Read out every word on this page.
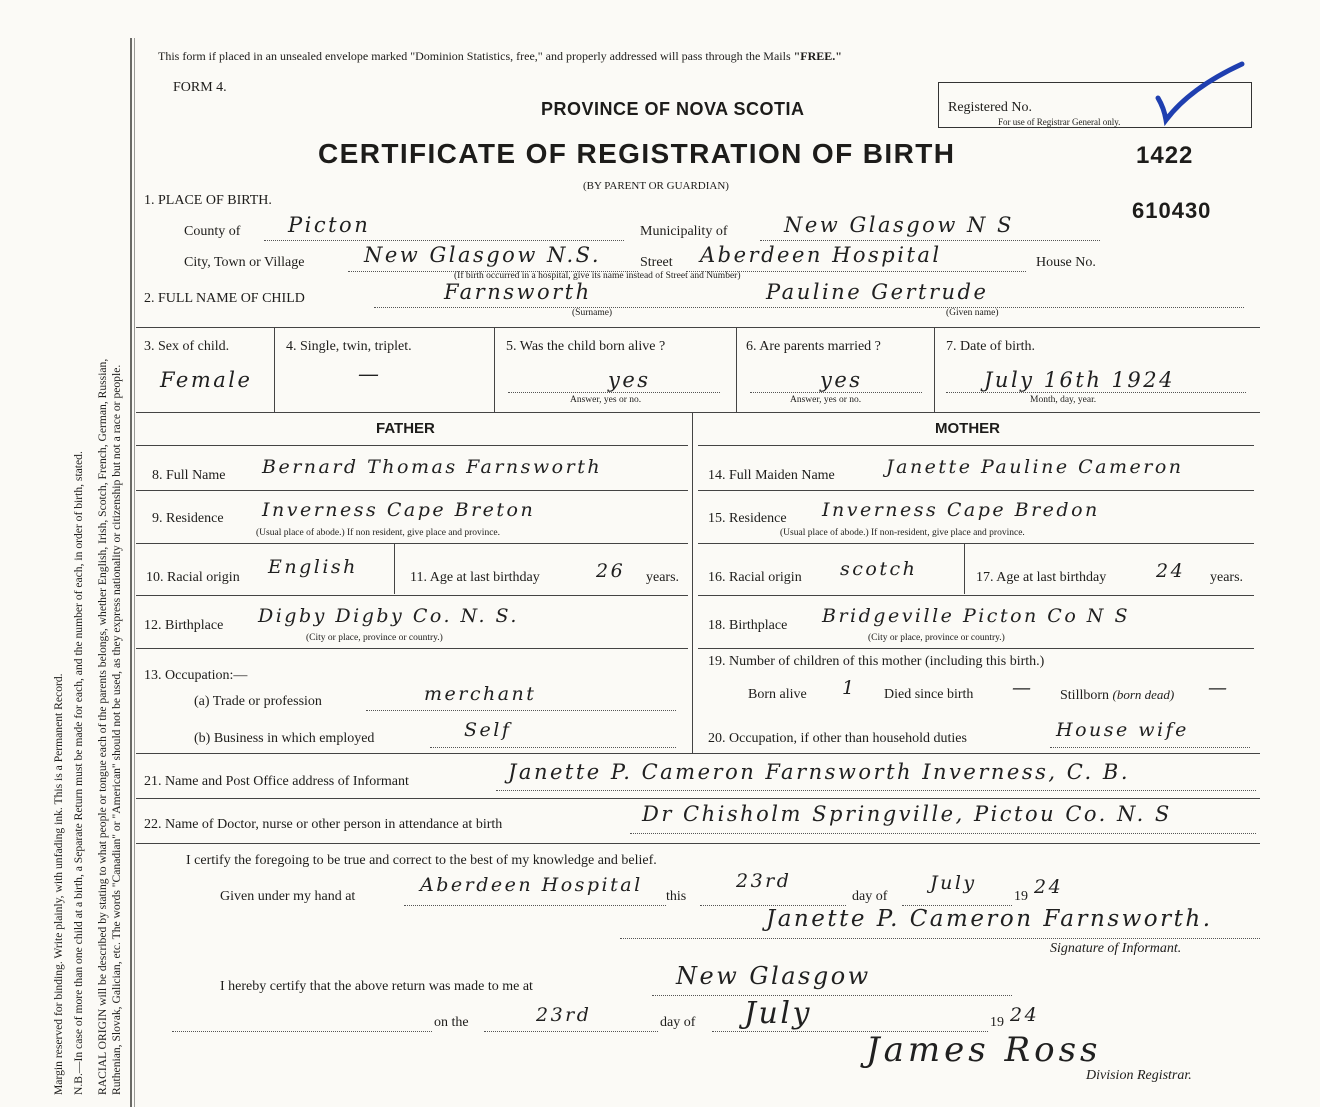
Margin reserved for binding. Write plainly, with unfading ink. This is a Permanent Record. N.B.—In case of more than one child at a birth, a Separate Return must be made for each, and the number of each, in order of birth, stated. RACIAL ORIGIN will be described by stating to what people or tongue each of the parents belongs, whether English, Irish, Scotch, French, German, Russian, Ruthenian, Slovak, Galician, etc. The words "Canadian" or "American" should not be used, as they express nationality or citizenship but not a race or people.
This form if placed in an unsealed envelope marked "Dominion Statistics, free," and properly addressed will pass through the Mails "FREE."
FORM 4.
PROVINCE OF NOVA SCOTIA
CERTIFICATE OF REGISTRATION OF BIRTH
(BY PARENT OR GUARDIAN)
Registered No.
For use of Registrar General only.
1422
610430
1. PLACE OF BIRTH.
County of Picton	Municipality of	New Glasgow N S
City, Town or Village	New Glasgow N.S.	Street Aberdeen Hospital
(If birth occurred in a hospital, give its name instead of Street and Number)
House No.
2. FULL NAME OF CHILD	Farnsworth	Pauline Gertrude
(Surname)	(Given name)
3. Sex of child.
Female
4. Single, twin, triplet.
—
5. Was the child born alive ?
yes
Answer, yes or no.
6. Are parents married ?
yes
Answer, yes or no.
7. Date of birth.
July 16th 1924
Month, day, year.
FATHER	MOTHER
8. Full Name Bernard Thomas Farnsworth
9. Residence Inverness Cape Breton
(Usual place of abode.) If non resident, give place and province.
10. Racial origin English	11. Age at last birthday	26 years.
12. Birthplace Digby Digby Co. N. S.
(City or place, province or country.)
13. Occupation:—
(a) Trade or profession	merchant
(b) Business in which employed	Self
14. Full Maiden Name	Janette Pauline Cameron
15. Residence Inverness Cape Bredon
(Usual place of abode.) If non-resident, give place and province.
16. Racial origin scotch	17. Age at last birthday	24 years.
18. Birthplace Bridgeville Picton Co N S
(City or place, province or country.)
19. Number of children of this mother (including this birth.)
Born alive 1 Died since birth — Stillborn (born dead) —
20. Occupation, if other than household duties	House wife
21. Name and Post Office address of Informant	Janette P. Cameron Farnsworth Inverness, C. B.
22. Name of Doctor, nurse or other person in attendance at birth	Dr Chisholm Springville, Pictou Co. N. S
I certify the foregoing to be true and correct to the best of my knowledge and belief.
Given under my hand at
Aberdeen Hospital
this
23rd
day of
July
19 24
Janette P. Cameron Farnsworth.
Signature of Informant.
I hereby certify that the above return was made to me at	New Glasgow
on the	23rd	day of July	19 24
James Ross
Division Registrar.
